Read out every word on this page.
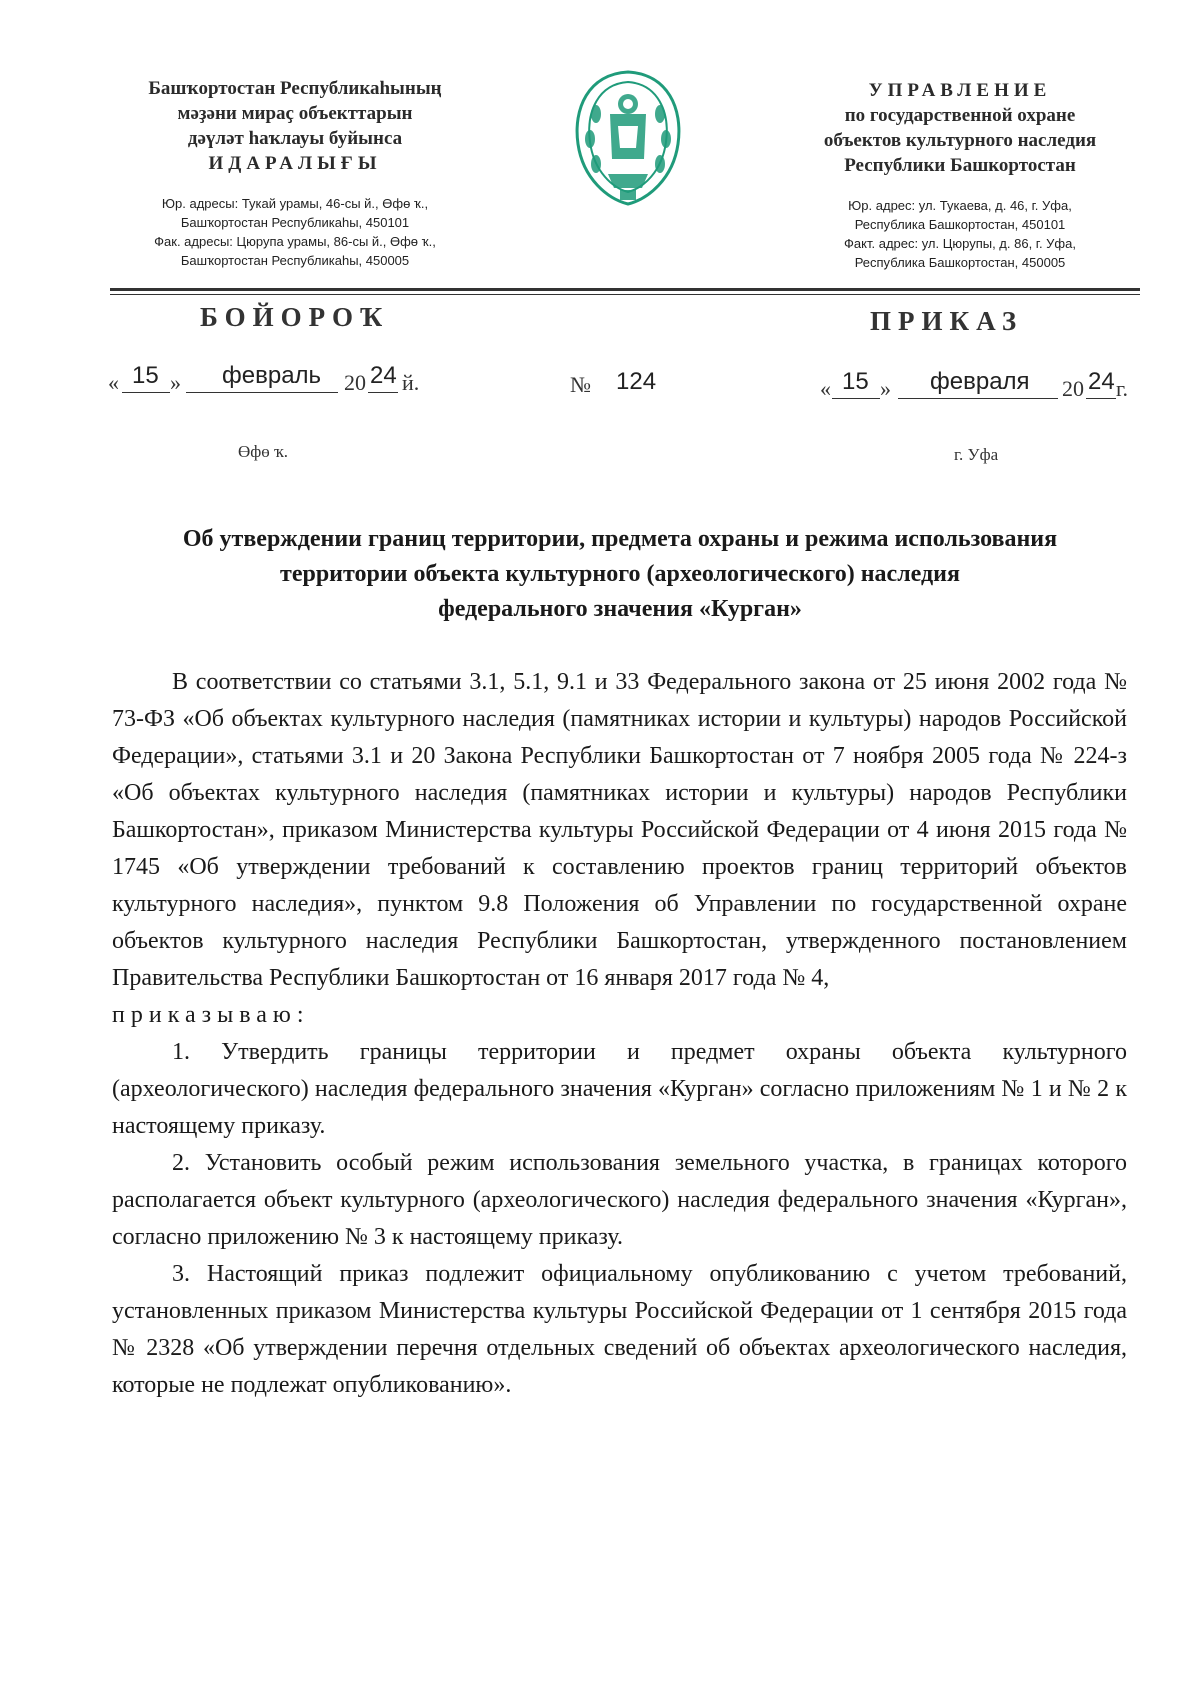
Башҡортостан Республикаһының
мәҙәни мираҫ объекттарын
дәүләт һаҡлауы буйынса
ИДАРАЛЫҒЫ
Юр. адресы: Тукай урамы, 46-сы й., Өфө ҡ.,
Башҡортостан Республикаһы, 450101
Фак. адресы: Цюрупа урамы, 86-сы й., Өфө ҡ.,
Башҡортостан Республикаһы, 450005
УПРАВЛЕНИЕ
по государственной охране
объектов культурного наследия
Республики Башкортостан
Юр. адрес: ул. Тукаева, д. 46, г. Уфа,
Республика Башкортостан, 450101
Факт. адрес: ул. Цюрупы, д. 86, г. Уфа,
Республика Башкортостан, 450005
БОЙОРОҠ	ПРИКАЗ
« 15 » февраль 20 24 й.	№ 124	« 15 » февраля 20 24 г.
Өфө ҡ.	г. Уфа
Об утверждении границ территории, предмета охраны и режима использования
территории объекта культурного (археологического) наследия
федерального значения «Курган»

В соответствии со статьями 3.1, 5.1, 9.1 и 33 Федерального закона от 25 июня 2002 года № 73-ФЗ «Об объектах культурного наследия (памятниках истории и культуры) народов Российской Федерации», статьями 3.1 и 20 Закона Республики Башкортостан от 7 ноября 2005 года № 224-з «Об объектах культурного наследия (памятниках истории и культуры) народов Республики Башкортостан», приказом Министерства культуры Российской Федерации от 4 июня 2015 года № 1745 «Об утверждении требований к составлению проектов границ территорий объектов культурного наследия», пунктом 9.8 Положения об Управлении по государственной охране объектов культурного наследия Республики Башкортостан, утвержденного постановлением Правительства Республики Башкортостан от 16 января 2017 года № 4,
приказываю:

1. Утвердить границы территории и предмет охраны объекта культурного (археологического) наследия федерального значения «Курган» согласно приложениям № 1 и № 2 к настоящему приказу.

2. Установить особый режим использования земельного участка, в границах которого располагается объект культурного (археологического) наследия федерального значения «Курган», согласно приложению № 3 к настоящему приказу.

3. Настоящий приказ подлежит официальному опубликованию с учетом требований, установленных приказом Министерства культуры Российской Федерации от 1 сентября 2015 года № 2328 «Об утверждении перечня отдельных сведений об объектах археологического наследия, которые не подлежат опубликованию».
